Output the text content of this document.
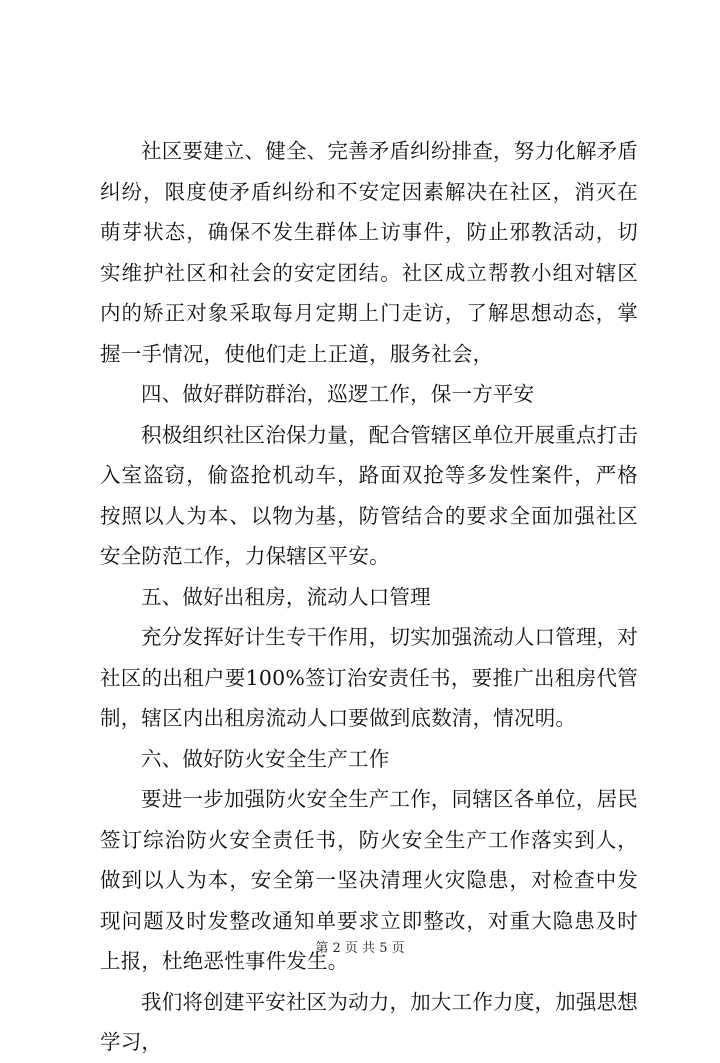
社区要建立、健全、完善矛盾纠纷排查，努力化解矛盾纠纷，限度使矛盾纠纷和不安定因素解决在社区，消灭在萌芽状态，确保不发生群体上访事件，防止邪教活动，切实维护社区和社会的安定团结。社区成立帮教小组对辖区内的矫正对象采取每月定期上门走访，了解思想动态，掌握一手情况，使他们走上正道，服务社会，

四、做好群防群治，巡逻工作，保一方平安

积极组织社区治保力量，配合管辖区单位开展重点打击入室盗窃，偷盗抢机动车，路面双抢等多发性案件，严格按照以人为本、以物为基，防管结合的要求全面加强社区安全防范工作，力保辖区平安。

五、做好出租房，流动人口管理

充分发挥好计生专干作用，切实加强流动人口管理，对社区的出租户要100%签订治安责任书，要推广出租房代管制，辖区内出租房流动人口要做到底数清，情况明。

六、做好防火安全生产工作

要进一步加强防火安全生产工作，同辖区各单位，居民签订综治防火安全责任书，防火安全生产工作落实到人，做到以人为本，安全第一坚决清理火灾隐患，对检查中发现问题及时发整改通知单要求立即整改，对重大隐患及时上报，杜绝恶性事件发生。

我们将创建平安社区为动力，加大工作力度，加强思想学习，

第 2 页 共 5 页
